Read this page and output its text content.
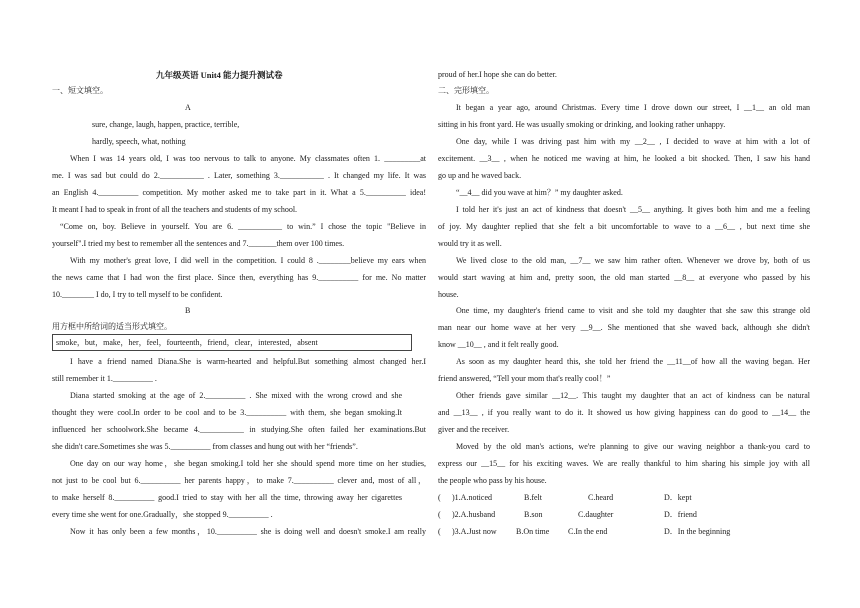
九年级英语 Unit4 能力提升测试卷
一、短文填空。
A
sure, change, laugh, happen, practice, terrible,
hardly, speech, what, nothing
When I was 14 years old, I was too nervous to talk to anyone. My classmates often 1. _________at
me. I was sad but could do 2.___________ . Later, something 3.___________ . It changed my life. It was
an English 4.__________ competition. My mother asked me to take part in it. What a 5.__________ idea!
It meant I had to speak in front of all the teachers and students of my school.
“Come on, boy. Believe in yourself. You are 6. ___________ to win.” I chose the topic "Believe in
yourself".I tried my best to remember all the sentences and 7._______them over 100 times.
With my mother's great love, I did well in the competition. I could 8 .________believe my ears when
the news came that I had won the first place. Since then, everything has 9.__________ for me. No matter
10.________ I do, I try to tell myself to be confident.
B
用方框中所给词的适当形式填空。
smoke，but，make，her，feel，fourteenth，friend，clear，interested，absent
I have a friend named Diana.She is warm-hearted and helpful.But something almost changed her.I
still remember it 1.__________ .
Diana started smoking at the age of 2.__________ . She mixed with the wrong crowd and she
thought they were cool.In order to be cool and to be 3.__________ with them, she began smoking.It
influenced her schoolwork.She became 4.___________ in studying.She often failed her examinations.But
she didn't care.Sometimes she was 5.__________ from classes and hung out with her “friends”.
One day on our way home，she began smoking.I told her she should spend more time on her studies,
not just to be cool but 6.__________ her parents happy，to make 7.__________ clever and, most of all，
to make herself 8.__________ good.I tried to stay with her all the time, throwing away her cigarettes
every time she went for one.Gradually，she stopped 9.__________ .
Now it has only been a few months，10.__________ she is doing well and doesn't smoke.I am really
proud of her.I hope she can do better.
二、完形填空。
It began a year ago, around Christmas. Every time I drove down our street, I __1__ an old man
sitting in his front yard. He was usually smoking or drinking, and looking rather unhappy.
One day, while I was driving past him with my __2__ , I decided to wave at him with a lot of
excitement. __3__ , when he noticed me waving at him, he looked a bit shocked. Then, I saw his hand
go up and he waved back.
“__4__ did you wave at him？” my daughter asked.
I told her it's just an act of kindness that doesn't __5__ anything. It gives both him and me a feeling
of joy. My daughter replied that she felt a bit uncomfortable to wave to a __6__ , but next time she
would try it as well.
We lived close to the old man, __7__ we saw him rather often. Whenever we drove by, both of us
would start waving at him and, pretty soon, the old man started __8__ at everyone who passed by his
house.
One time, my daughter's friend came to visit and she told my daughter that she saw this strange old
man near our home wave at her very __9__. She mentioned that she waved back, although she didn't
know __10__ , and it felt really good.
As soon as my daughter heard this, she told her friend the __11__of how all the waving began. Her
friend answered, “Tell your mom that's really cool！”
Other friends gave similar __12__. This taught my daughter that an act of kindness can be natural
and __13__ , if you really want to do it. It showed us how giving happiness can do good to __14__ the
giver and the receiver.
Moved by the old man's actions, we're planning to give our waving neighbor a thank-you card to
express our __15__ for his exciting waves. We are really thankful to him sharing his simple joy with all
the people who pass by his house.
( )1.A.noticed	B.felt	C.heard	D．kept
( )2.A.husband	B.son	C.daughter	D．friend
( )3.A.Just now B.On time C.In the end	D．In the beginning
